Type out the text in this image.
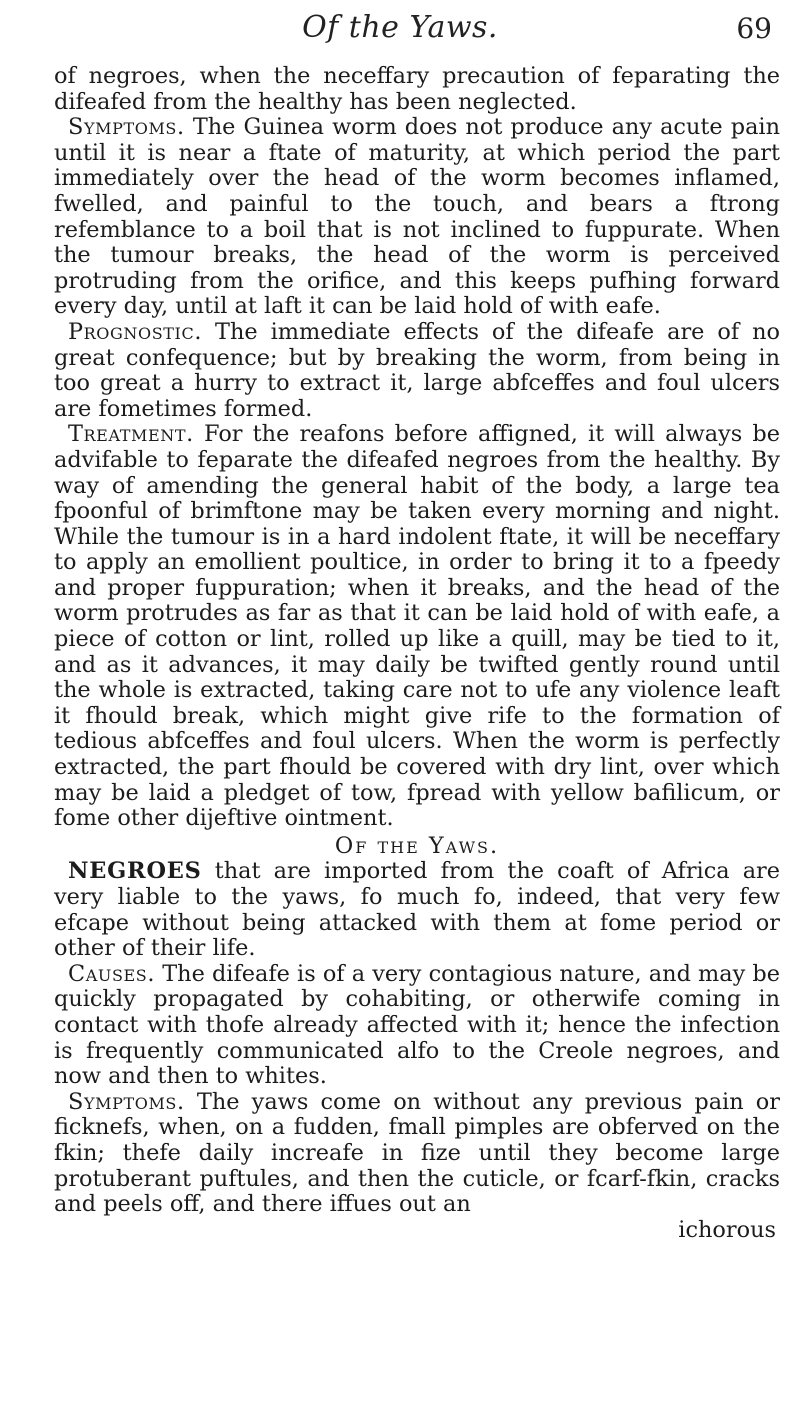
Of the Yaws.	69

of negroes, when the neceffary precaution of feparating the difeafed from the healthy has been neglected.

Symptoms. The Guinea worm does not produce any acute pain until it is near a ftate of maturity, at which period the part immediately over the head of the worm becomes inflamed, fwelled, and painful to the touch, and bears a ftrong refemblance to a boil that is not inclined to fuppurate. When the tumour breaks, the head of the worm is perceived protruding from the orifice, and this keeps pufhing forward every day, until at laft it can be laid hold of with eafe.

Prognostic. The immediate effects of the difeafe are of no great confequence; but by breaking the worm, from being in too great a hurry to extract it, large abfceffes and foul ulcers are fometimes formed.

Treatment. For the reafons before affigned, it will always be advifable to feparate the difeafed negroes from the healthy. By way of amending the general habit of the body, a large tea fpoonful of brimftone may be taken every morning and night. While the tumour is in a hard indolent ftate, it will be neceffary to apply an emollient poultice, in order to bring it to a fpeedy and proper fuppuration; when it breaks, and the head of the worm protrudes as far as that it can be laid hold of with eafe, a piece of cotton or lint, rolled up like a quill, may be tied to it, and as it advances, it may daily be twifted gently round until the whole is extracted, taking care not to ufe any violence leaft it fhould break, which might give rife to the formation of tedious abfceffes and foul ulcers. When the worm is perfectly extracted, the part fhould be covered with dry lint, over which may be laid a pledget of tow, fpread with yellow bafilicum, or fome other dijeftive ointment.

Of the Yaws.

NEGROES that are imported from the coaft of Africa are very liable to the yaws, fo much fo, indeed, that very few efcape without being attacked with them at fome period or other of their life.

Causes. The difeafe is of a very contagious nature, and may be quickly propagated by cohabiting, or otherwife coming in contact with thofe already affected with it; hence the infection is frequently communicated alfo to the Creole negroes, and now and then to whites.

Symptoms. The yaws come on without any previous pain or ficknefs, when, on a fudden, fmall pimples are obferved on the fkin; thefe daily increafe in fize until they become large protuberant puftules, and then the cuticle, or fcarf-fkin, cracks and peels off, and there iffues out an

ichorous
